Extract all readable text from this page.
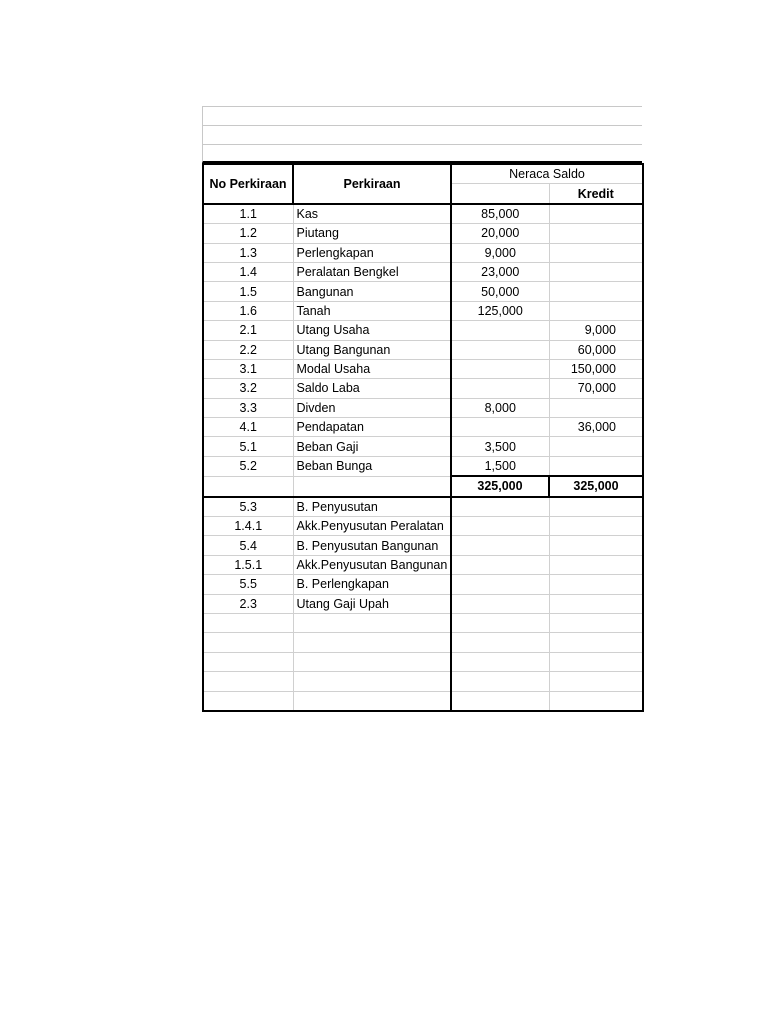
No Perkiraan	Perkiraan	Neraca Saldo	

			Kredit
1.1	Kas	85,000	
1.2	Piutang	20,000	
1.3	Perlengkapan	9,000	
1.4	Peralatan Bengkel	23,000	
1.5	Bangunan	50,000	
1.6	Tanah	125,000	
2.1	Utang Usaha		9,000
2.2	Utang Bangunan		60,000
3.1	Modal Usaha		150,000
3.2	Saldo Laba		70,000
3.3	Divden	8,000	
4.1	Pendapatan		36,000
5.1	Beban Gaji	3,500	
5.2	Beban Bunga	1,500	
		325,000	325,000
5.3	B. Penyusutan		
1.4.1	Akk.Penyusutan Peralatan		
5.4	B. Penyusutan Bangunan		
1.5.1	Akk.Penyusutan Bangunan		
5.5	B. Perlengkapan		
2.3	Utang Gaji Upah		
